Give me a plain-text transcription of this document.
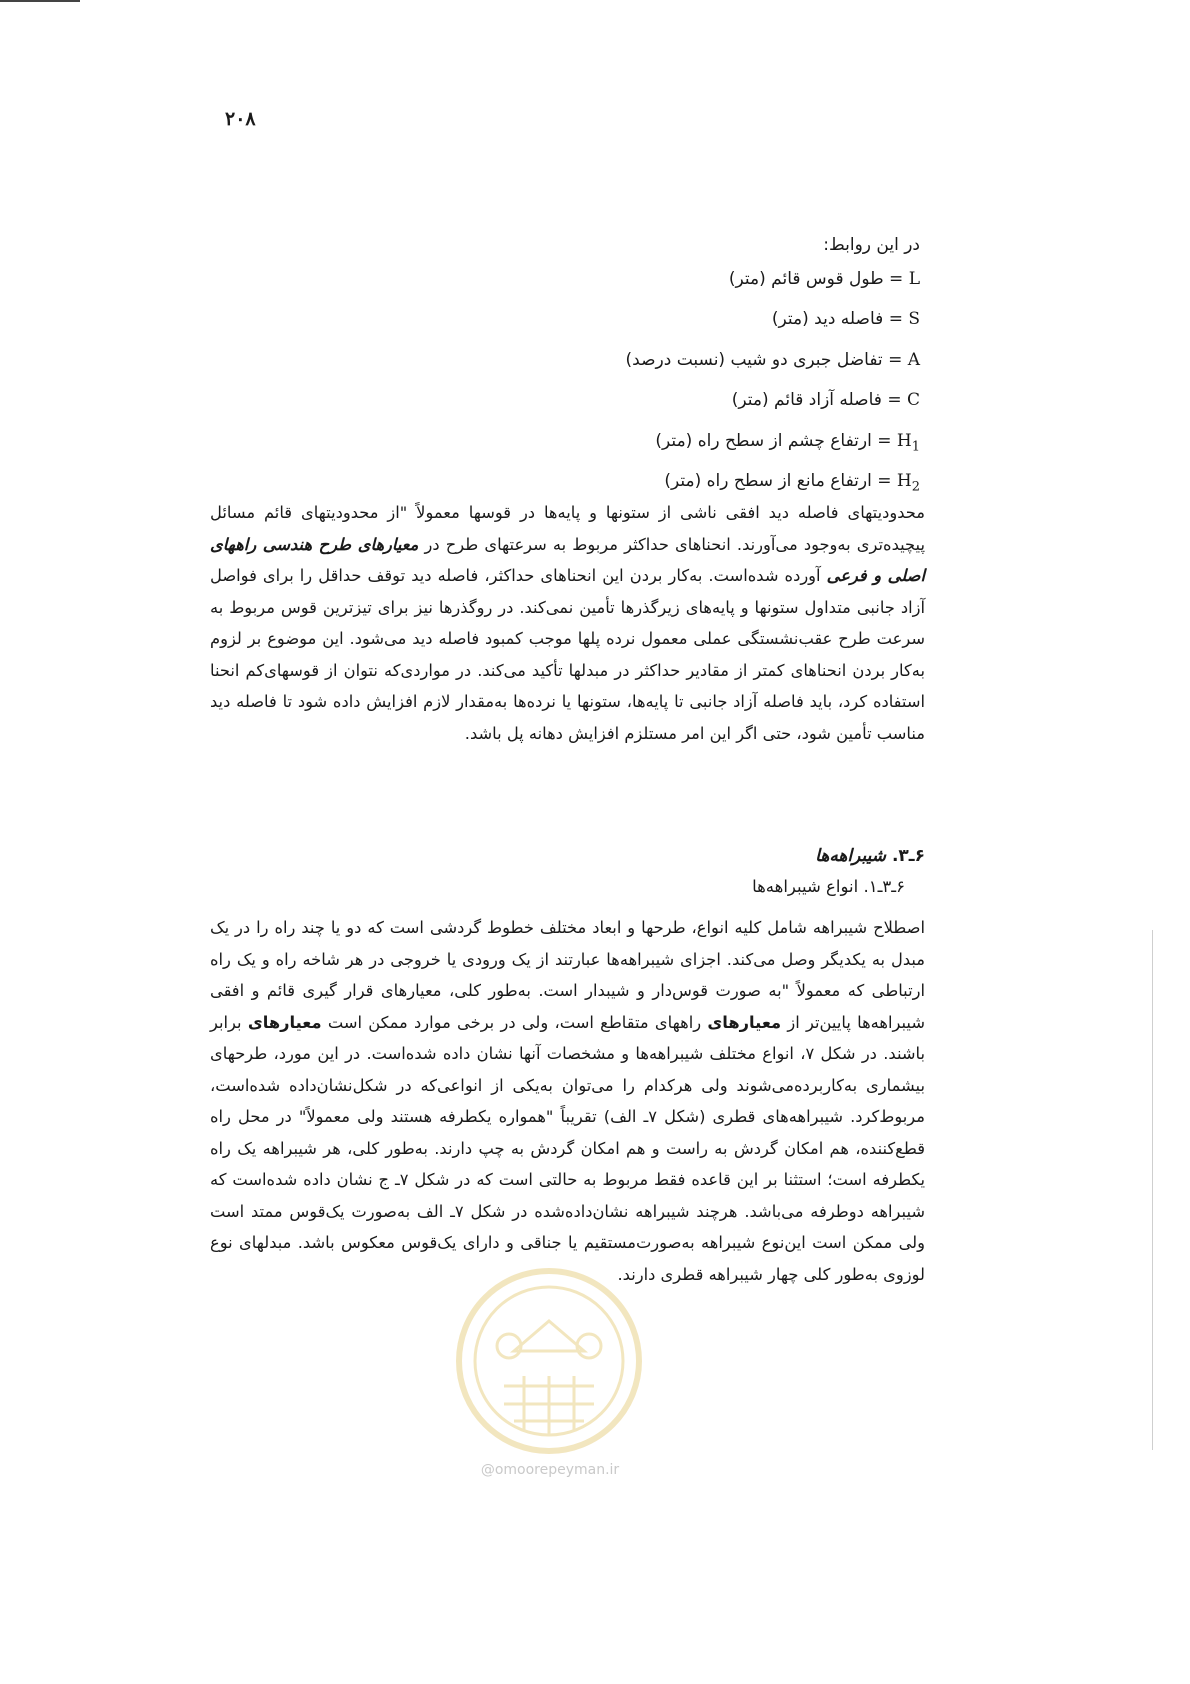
۲۰۸
در این روابط:
L = طول قوس قائم (متر)
S = فاصله دید (متر)
A = تفاضل جبری دو شیب (نسبت درصد)
C = فاصله آزاد قائم (متر)
$H_1$ = ارتفاع چشم از سطح راه (متر)
$H_2$ = ارتفاع مانع از سطح راه (متر)

محدودیتهای فاصله دید افقی ناشی از ستونها و پایه‌ها در قوسها معمولاً "از محدودیتهای قائم مسائل پیچیده‌تری به‌وجود می‌آورند. انحناهای حداکثر مربوط به سرعتهای طرح در معیارهای طرح هندسی راههای اصلی و فرعی آورده شده‌است. به‌کار بردن این انحناهای حداکثر، فاصله دید توقف حداقل را برای فواصل آزاد جانبی متداول ستونها و پایه‌های زیرگذرها تأمین نمی‌کند. در روگذرها نیز برای تیزترین قوس مربوط به سرعت طرح عقب‌نشستگی عملی معمول نرده پلها موجب کمبود فاصله دید می‌شود. این موضوع بر لزوم به‌کار بردن انحناهای کمتر از مقادیر حداکثر در مبدلها تأکید می‌کند. در مواردی‌که نتوان از قوسهای‌کم انحنا استفاده کرد، باید فاصله آزاد جانبی تا پایه‌ها، ستونها یا نرده‌ها به‌مقدار لازم افزایش داده شود تا فاصله دید مناسب تأمین شود، حتی اگر این امر مستلزم افزایش دهانه پل باشد.

۶ـ۳. شیبراهه‌ها
۶ـ۳ـ۱. انواع شیبراهه‌ها

اصطلاح شیبراهه شامل کلیه انواع، طرحها و ابعاد مختلف خطوط گردشی است که دو یا چند راه را در یک مبدل به یکدیگر وصل می‌کند. اجزای شیبراهه‌ها عبارتند از یک ورودی یا خروجی در هر شاخه راه و یک راه ارتباطی که معمولاً "به صورت قوس‌دار و شیبدار است. به‌طور کلی، معیارهای قرار گیری قائم و افقی شیبراهه‌ها پایین‌تر از معیارهای راههای متقاطع است، ولی در برخی موارد ممکن است معیارهای برابر باشند. در شکل ۷، انواع مختلف شیبراهه‌ها و مشخصات آنها نشان داده شده‌است. در این مورد، طرحهای بیشماری به‌کاربرده‌می‌شوند ولی هرکدام را می‌توان به‌یکی از انواعی‌که در شکل‌نشان‌داده شده‌است، مربوط‌کرد. شیبراهه‌های قطری (شکل ۷ـ الف) تقریباً "همواره یکطرفه هستند ولی معمولاً" در محل راه قطع‌کننده، هم امکان گردش به راست و هم امکان گردش به چپ دارند. به‌طور کلی، هر شیبراهه یک راه یکطرفه است؛ استثنا بر این قاعده فقط مربوط به حالتی است که در شکل ۷ـ ج نشان داده شده‌است که شیبراهه دوطرفه می‌باشد. هرچند شیبراهه نشان‌داده‌شده در شکل ۷ـ الف به‌صورت یک‌قوس ممتد است ولی ممکن است این‌نوع شیبراهه به‌صورت‌مستقیم یا جناقی و دارای یک‌قوس معکوس باشد. مبدلهای نوع لوزوی به‌طور کلی چهار شیبراهه قطری دارند.

@omoorepeyman.ir
